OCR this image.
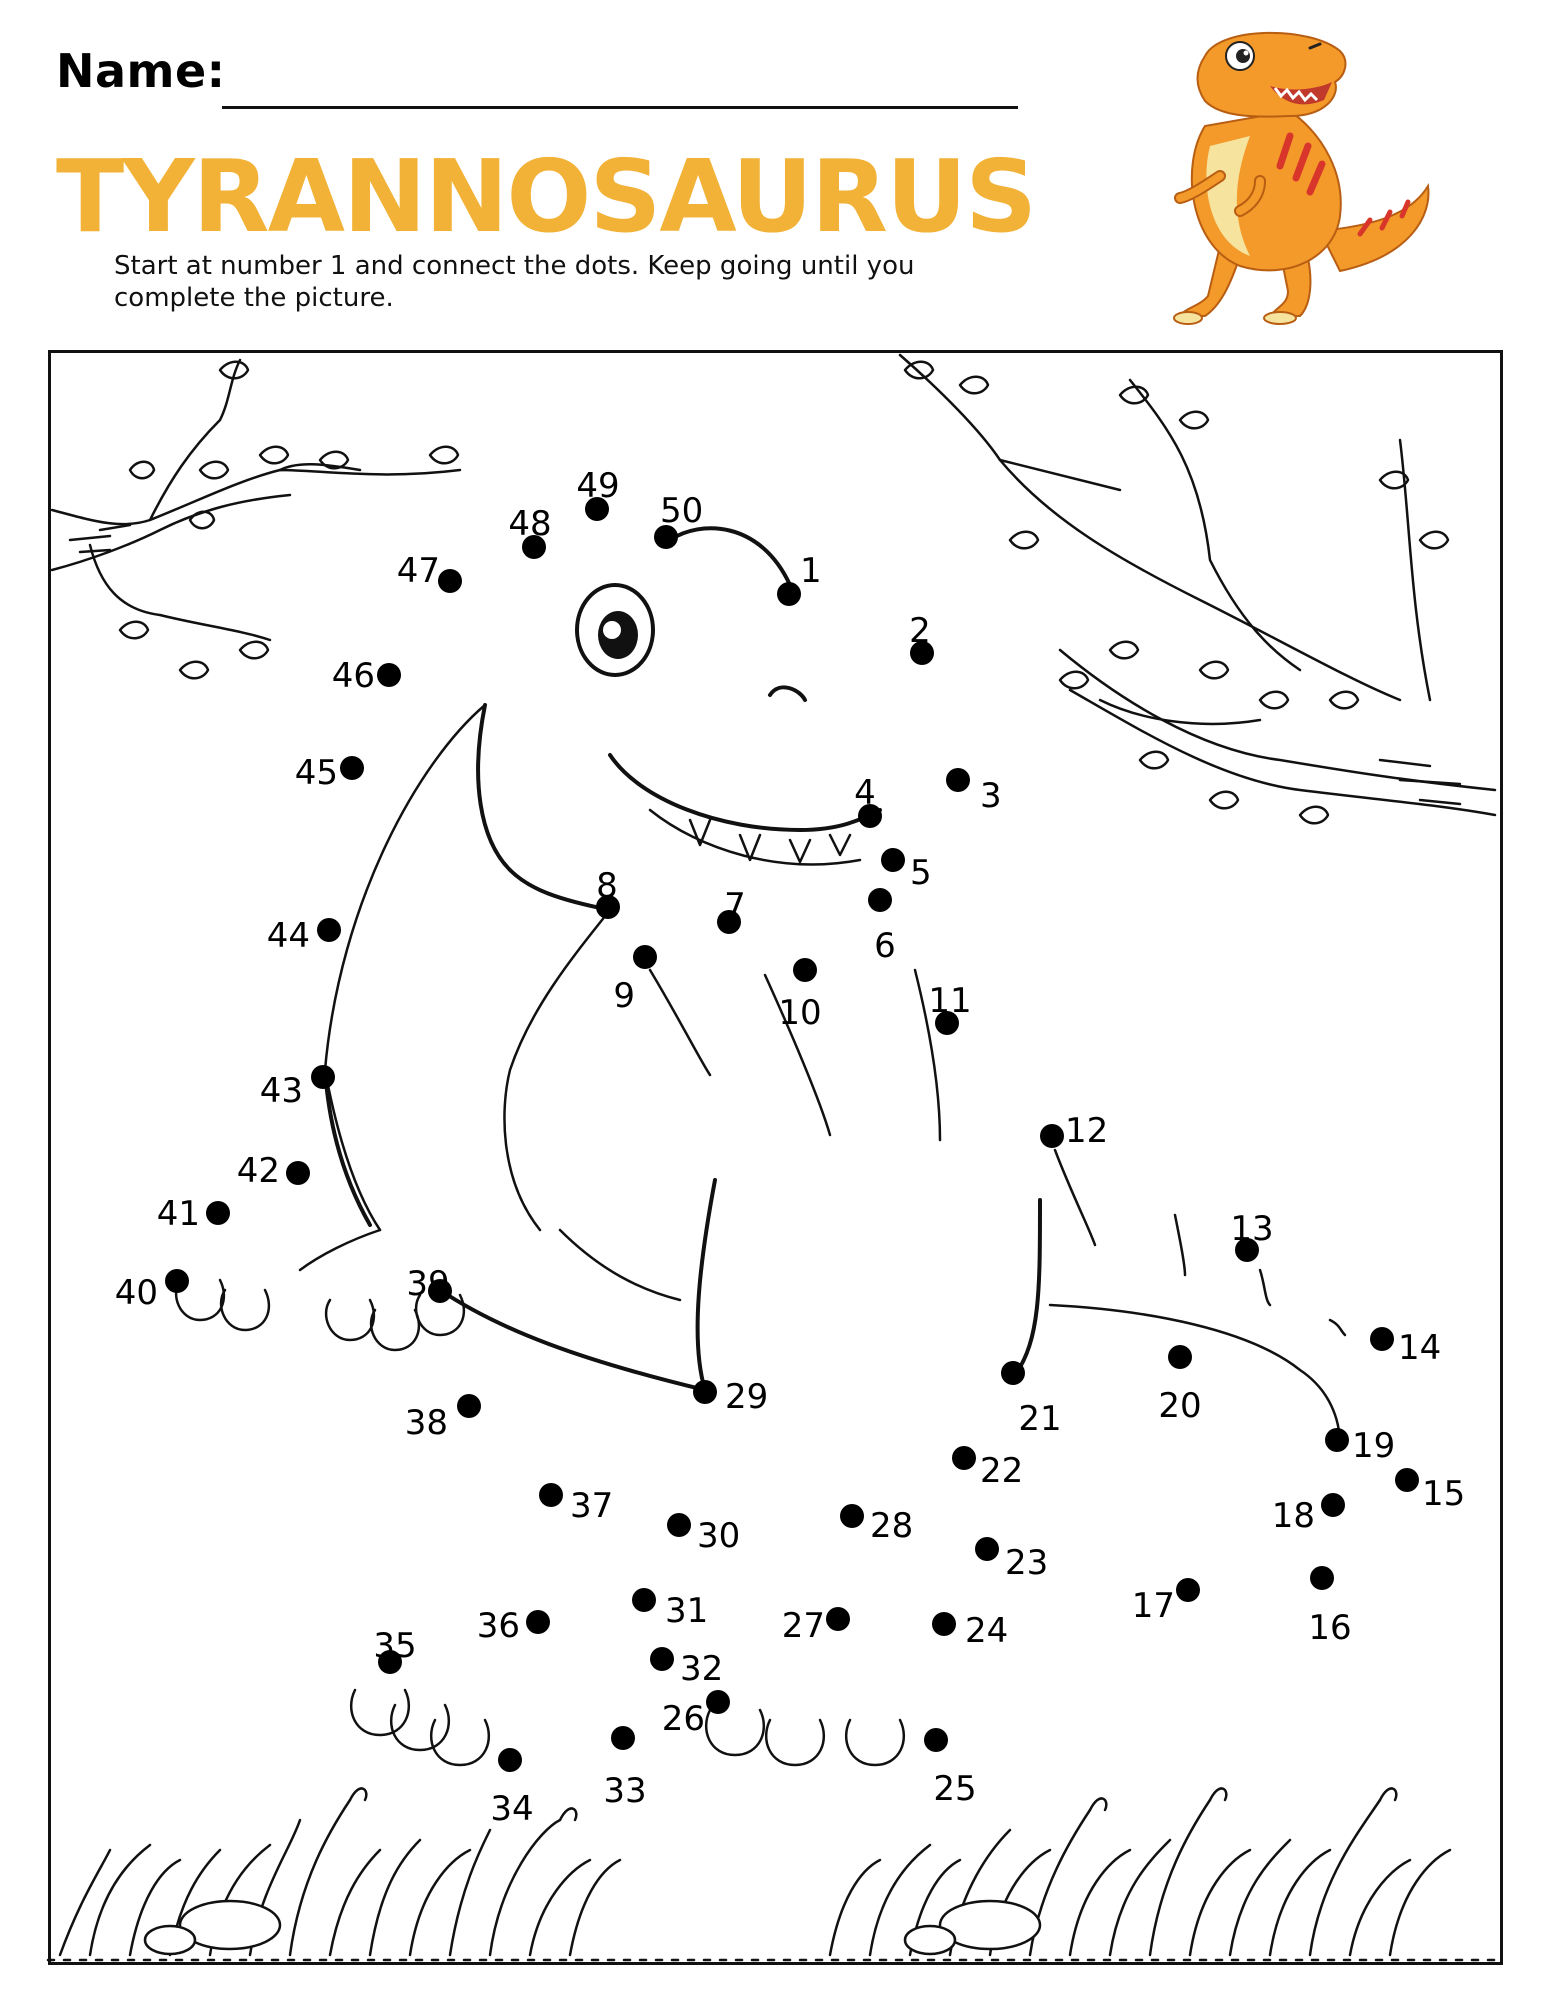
Name:
TYRANNOSAURUS
Start at number 1 and connect the dots. Keep going until you complete the picture.
1
2
3
4
5
6
7
8
9	10	11
12
13
14
15
16
17
18
19
20
21
22
23
24
25
26
27
28
29
30
31
32
33
34
35 36
37
38
39
40
41
42
43
44
45
46
47
48
49
50
